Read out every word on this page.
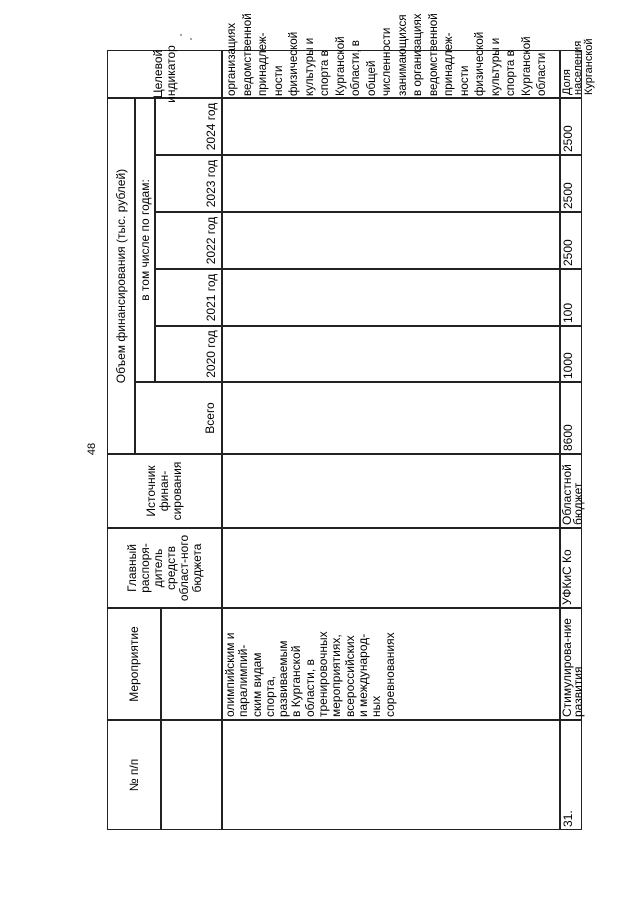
48
№ п/п
Мероприятие
Главный распоря-дитель средств област-ного бюджета
Источник финан-сирования
Объем финансирования (тыс. рублей)
Всего
в том числе по годам:
2020 год
2021 год
2022 год
2023 год
2024 год
Целевой индикатор
олимпийским и паралимпий- ским видам спорта, развиваемым в Курганской области, в тренировочных мероприятиях, всероссийских и международ- ных соревнованиях
организациях ведомственной принадлеж- ности физической культуры и спорта в Курганской области, в общей численности занимающихся в организациях ведомственной принадлеж- ности физической культуры и спорта в Курганской области
31.
Стимулирова-ние развития
УФКиС Ко
Областной бюджет
8600
1000
100
2500
2500
2500
Доля населения Курганской
